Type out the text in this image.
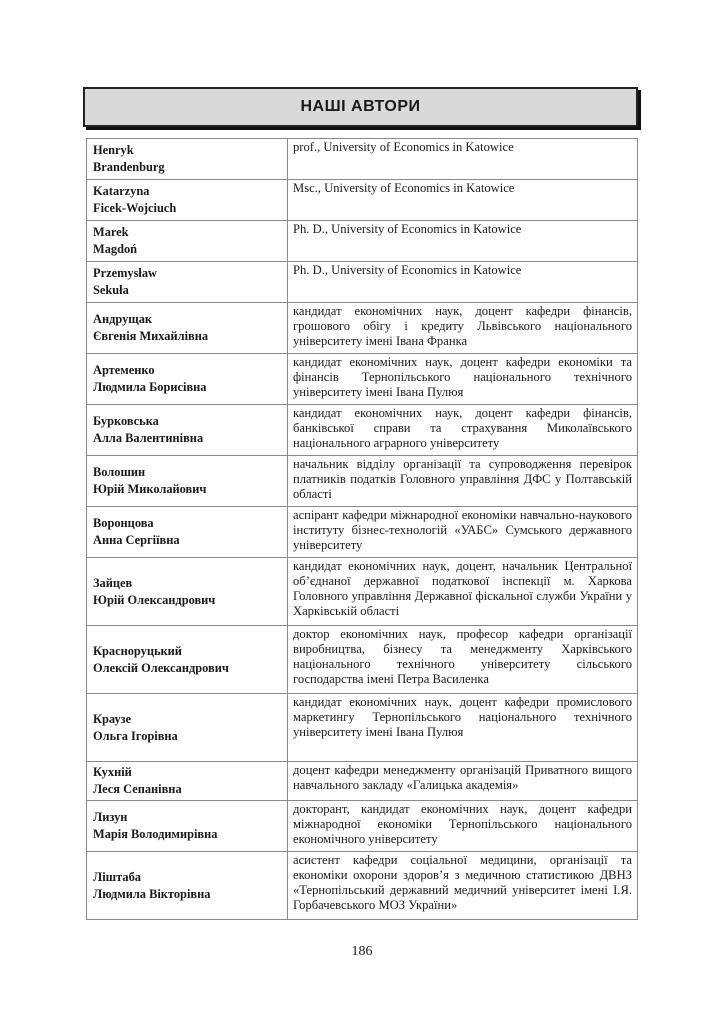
НАШІ АВТОРИ
Henryk
Brandenburg	prof., University of Economics in Katowice
Katarzyna
Ficek-Wojciuch	Msc., University of Economics in Katowice
Marek
Magdoń	Ph. D., University of Economics in Katowice
Przemysław
Sekuła	Ph. D., University of Economics in Katowice
Андрущак
Євгенія Михайлівна	кандидат економічних наук, доцент кафедри фінансів, грошового обігу і кредиту Львівського національного університету імені Івана Франка
Артеменко
Людмила Борисівна	кандидат економічних наук, доцент кафедри економіки та фінансів Тернопільського національного технічного університету імені Івана Пулюя
Бурковська
Алла Валентинівна	кандидат економічних наук, доцент кафедри фінансів, банківської справи та страхування Миколаївського національного аграрного університету
Волошин
Юрій Миколайович	начальник відділу організації та супроводження перевірок платників податків Головного управління ДФС у Полтавській області
Воронцова
Анна Сергіївна	аспірант кафедри міжнародної економіки навчально-наукового інституту бізнес-технологій «УАБС» Сумського державного університету
Зайцев
Юрій Олександрович	кандидат економічних наук, доцент, начальник Центральної об’єднаної державної податкової інспекції м. Харкова Головного управління Державної фіскальної служби України у Харківській області
Красноруцький
Олексій Олександрович	доктор економічних наук, професор кафедри організації виробництва, бізнесу та менеджменту Харківського національного технічного університету сільського господарства імені Петра Василенка
Краузе
Ольга Ігорівна	кандидат економічних наук, доцент кафедри промислового маркетингу Тернопільського національного технічного університету імені Івана Пулюя
Кухній
Леся Сепанівна	доцент кафедри менеджменту організацій Приватного вищого навчального закладу «Галицька академія»
Лизун
Марія Володимирівна	докторант, кандидат економічних наук, доцент кафедри міжнародної економіки Тернопільського національного економічного університету
Ліштаба
Людмила Вікторівна	асистент кафедри соціальної медицини, організації та економіки охорони здоров’я з медичною статистикою ДВНЗ «Тернопільський державний медичний університет імені І.Я. Горбачевського МОЗ України»
186
